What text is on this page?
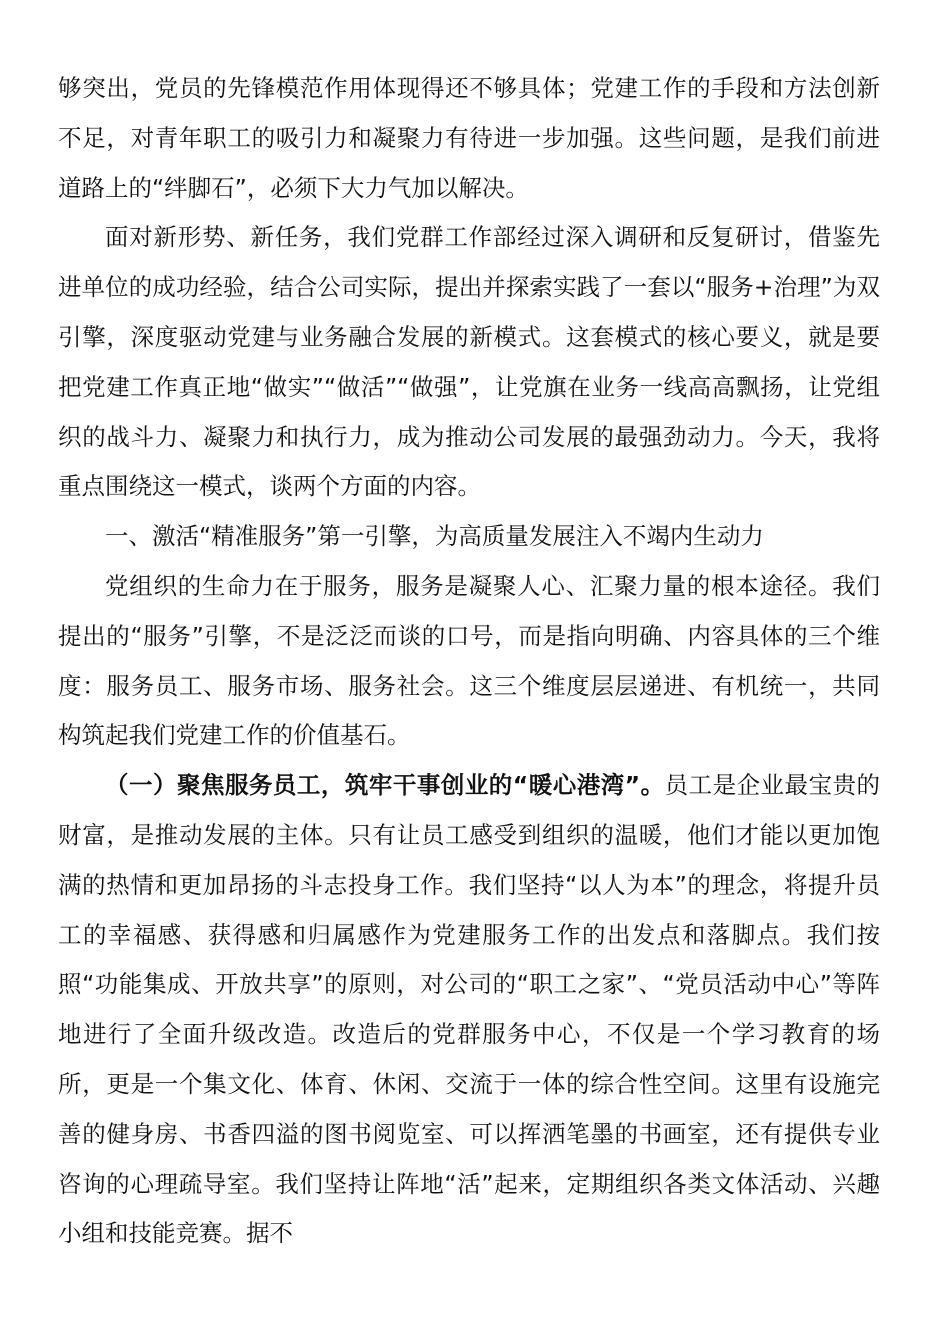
够突出，党员的先锋模范作用体现得还不够具体；党建工作的手段和方法创新不足，对青年职工的吸引力和凝聚力有待进一步加强。这些问题，是我们前进道路上的“绊脚石”，必须下大力气加以解决。

面对新形势、新任务，我们党群工作部经过深入调研和反复研讨，借鉴先进单位的成功经验，结合公司实际，提出并探索实践了一套以“服务+治理”为双引擎，深度驱动党建与业务融合发展的新模式。这套模式的核心要义，就是要把党建工作真正地“做实”“做活”“做强”，让党旗在业务一线高高飘扬，让党组织的战斗力、凝聚力和执行力，成为推动公司发展的最强劲动力。今天，我将重点围绕这一模式，谈两个方面的内容。

一、激活“精准服务”第一引擎，为高质量发展注入不竭内生动力

党组织的生命力在于服务，服务是凝聚人心、汇聚力量的根本途径。我们提出的“服务”引擎，不是泛泛而谈的口号，而是指向明确、内容具体的三个维度：服务员工、服务市场、服务社会。这三个维度层层递进、有机统一，共同构筑起我们党建工作的价值基石。

（一）聚焦服务员工，筑牢干事创业的“暖心港湾”。员工是企业最宝贵的财富，是推动发展的主体。只有让员工感受到组织的温暖，他们才能以更加饱满的热情和更加昂扬的斗志投身工作。我们坚持“以人为本”的理念，将提升员工的幸福感、获得感和归属感作为党建服务工作的出发点和落脚点。我们按照“功能集成、开放共享”的原则，对公司的“职工之家”、“党员活动中心”等阵地进行了全面升级改造。改造后的党群服务中心，不仅是一个学习教育的场所，更是一个集文化、体育、休闲、交流于一体的综合性空间。这里有设施完善的健身房、书香四溢的图书阅览室、可以挥洒笔墨的书画室，还有提供专业咨询的心理疏导室。我们坚持让阵地“活”起来，定期组织各类文体活动、兴趣小组和技能竞赛。据不
